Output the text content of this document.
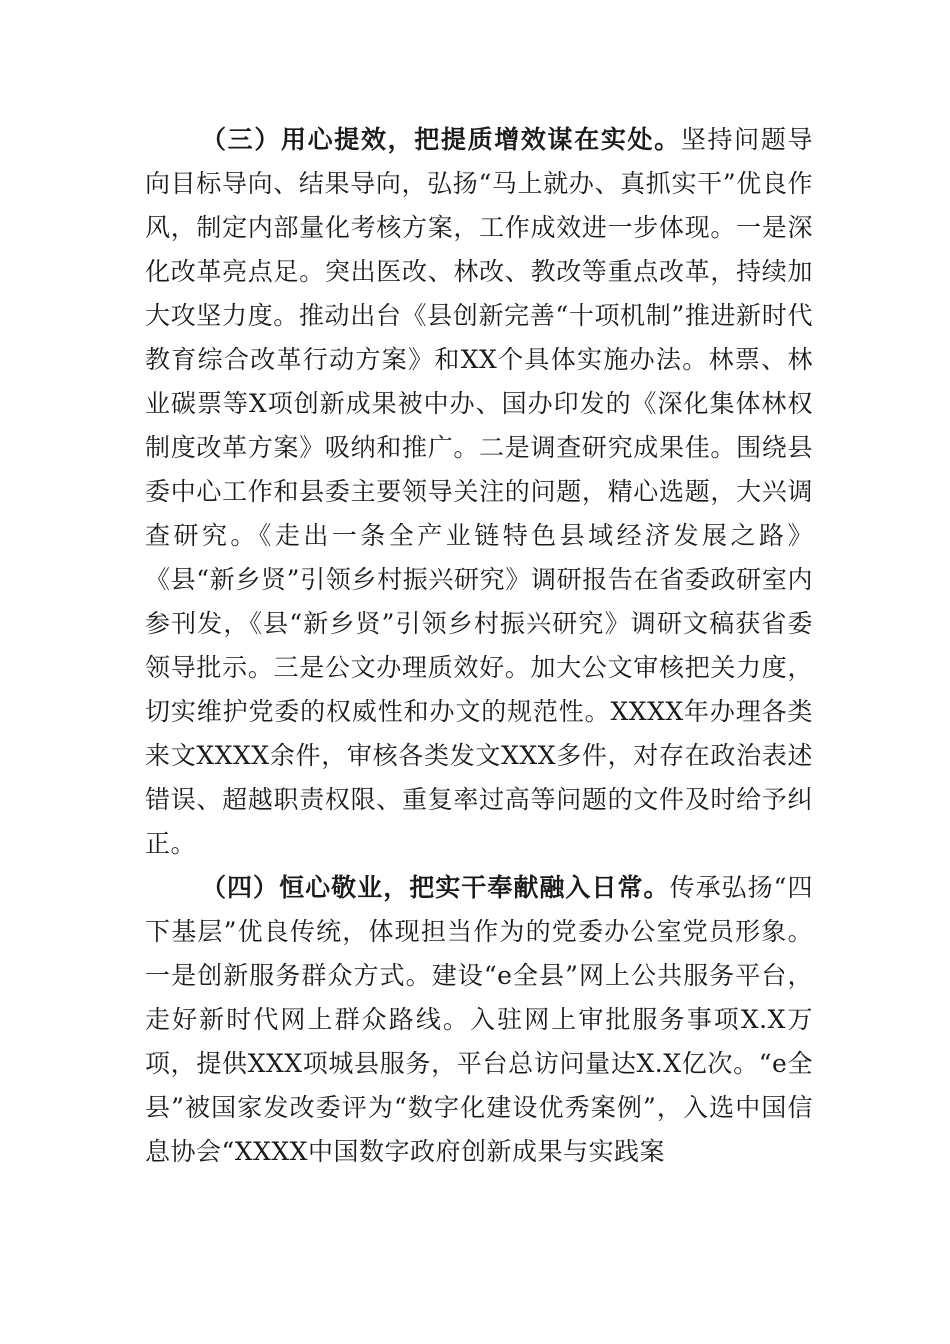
（三）用心提效，把提质增效谋在实处。坚持问题导向目标导向、结果导向，弘扬“马上就办、真抓实干”优良作风，制定内部量化考核方案，工作成效进一步体现。一是深化改革亮点足。突出医改、林改、教改等重点改革，持续加大攻坚力度。推动出台《县创新完善“十项机制”推进新时代教育综合改革行动方案》和XX个具体实施办法。林票、林业碳票等X项创新成果被中办、国办印发的《深化集体林权制度改革方案》吸纳和推广。二是调查研究成果佳。围绕县委中心工作和县委主要领导关注的问题，精心选题，大兴调查研究。《走出一条全产业链特色县域经济发展之路》《县“新乡贤”引领乡村振兴研究》调研报告在省委政研室内参刊发，《县“新乡贤”引领乡村振兴研究》调研文稿获省委领导批示。三是公文办理质效好。加大公文审核把关力度，切实维护党委的权威性和办文的规范性。XXXX年办理各类来文XXXX余件，审核各类发文XXX多件，对存在政治表述错误、超越职责权限、重复率过高等问题的文件及时给予纠正。

（四）恒心敬业，把实干奉献融入日常。传承弘扬“四下基层”优良传统，体现担当作为的党委办公室党员形象。一是创新服务群众方式。建设“e全县”网上公共服务平台，走好新时代网上群众路线。入驻网上审批服务事项X.X万项，提供XXX项城县服务，平台总访问量达X.X亿次。“e全县”被国家发改委评为“数字化建设优秀案例”，入选中国信息协会“XXXX中国数字政府创新成果与实践案
